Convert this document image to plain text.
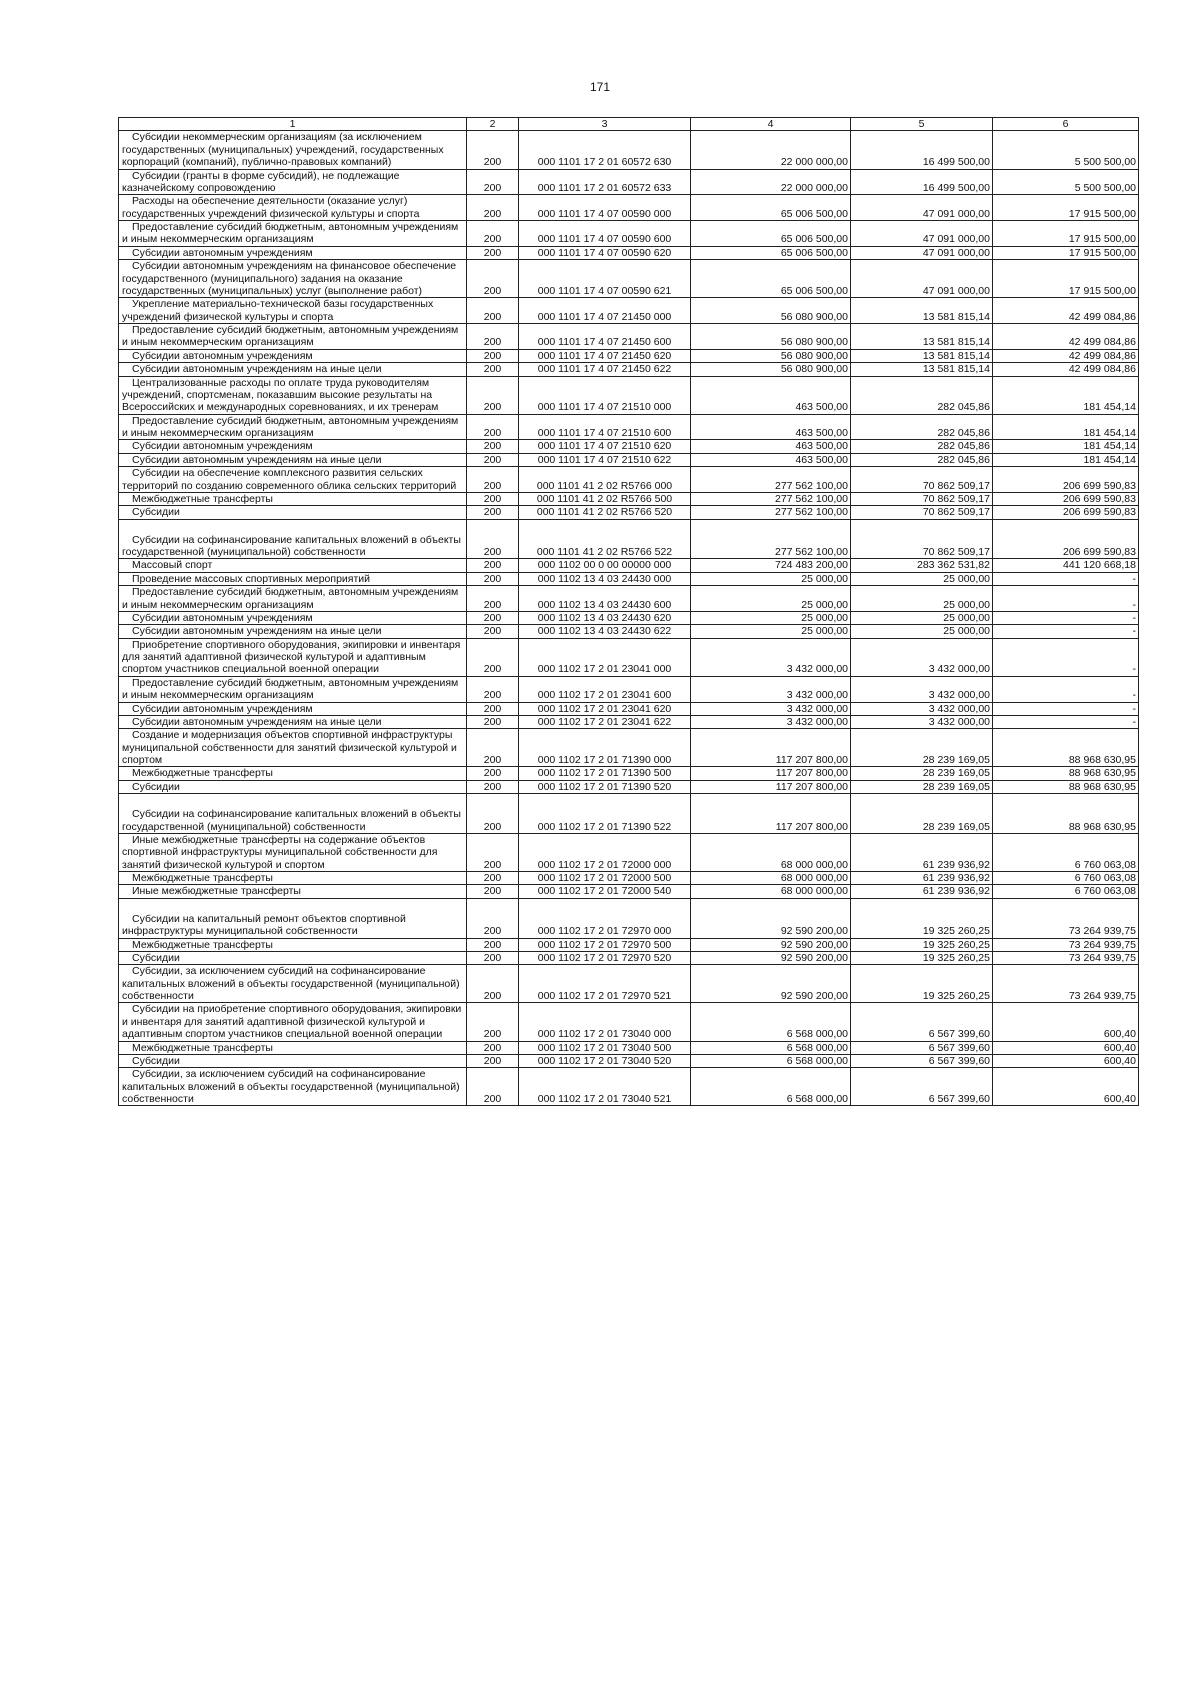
171
1	2	3	4	5	6
Субсидии некоммерческим организациям (за исключением государственных (муниципальных) учреждений, государственных корпораций (компаний), публично-правовых компаний)	200	000 1101 17 2 01 60572 630	22 000 000,00	16 499 500,00	5 500 500,00
Субсидии (гранты в форме субсидий), не подлежащие казначейскому сопровождению	200	000 1101 17 2 01 60572 633	22 000 000,00	16 499 500,00	5 500 500,00
Расходы на обеспечение деятельности (оказание услуг) государственных учреждений физической культуры и спорта	200	000 1101 17 4 07 00590 000	65 006 500,00	47 091 000,00	17 915 500,00
Предоставление субсидий бюджетным, автономным учреждениям и иным некоммерческим организациям	200	000 1101 17 4 07 00590 600	65 006 500,00	47 091 000,00	17 915 500,00
Субсидии автономным учреждениям	200	000 1101 17 4 07 00590 620	65 006 500,00	47 091 000,00	17 915 500,00
Субсидии автономным учреждениям на финансовое обеспечение государственного (муниципального) задания на оказание государственных (муниципальных) услуг (выполнение работ)	200	000 1101 17 4 07 00590 621	65 006 500,00	47 091 000,00	17 915 500,00
Укрепление материально-технической базы государственных учреждений физической культуры и спорта	200	000 1101 17 4 07 21450 000	56 080 900,00	13 581 815,14	42 499 084,86
Предоставление субсидий бюджетным, автономным учреждениям и иным некоммерческим организациям	200	000 1101 17 4 07 21450 600	56 080 900,00	13 581 815,14	42 499 084,86
Субсидии автономным учреждениям	200	000 1101 17 4 07 21450 620	56 080 900,00	13 581 815,14	42 499 084,86
Субсидии автономным учреждениям на иные цели	200	000 1101 17 4 07 21450 622	56 080 900,00	13 581 815,14	42 499 084,86
Централизованные расходы по оплате труда руководителям учреждений, спортсменам, показавшим высокие результаты на Всероссийских и международных соревнованиях, и их тренерам	200	000 1101 17 4 07 21510 000	463 500,00	282 045,86	181 454,14
Предоставление субсидий бюджетным, автономным учреждениям и иным некоммерческим организациям	200	000 1101 17 4 07 21510 600	463 500,00	282 045,86	181 454,14
Субсидии автономным учреждениям	200	000 1101 17 4 07 21510 620	463 500,00	282 045,86	181 454,14
Субсидии автономным учреждениям на иные цели	200	000 1101 17 4 07 21510 622	463 500,00	282 045,86	181 454,14
Субсидии на обеспечение комплексного развития сельских территорий по созданию современного облика сельских территорий	200	000 1101 41 2 02 R5766 000	277 562 100,00	70 862 509,17	206 699 590,83
Межбюджетные трансферты	200	000 1101 41 2 02 R5766 500	277 562 100,00	70 862 509,17	206 699 590,83
Субсидии	200	000 1101 41 2 02 R5766 520	277 562 100,00	70 862 509,17	206 699 590,83
Субсидии на софинансирование капитальных вложений в объекты государственной (муниципальной) собственности	200	000 1101 41 2 02 R5766 522	277 562 100,00	70 862 509,17	206 699 590,83
Массовый спорт	200	000 1102 00 0 00 00000 000	724 483 200,00	283 362 531,82	441 120 668,18
Проведение массовых спортивных мероприятий	200	000 1102 13 4 03 24430 000	25 000,00	25 000,00	-
Предоставление субсидий бюджетным, автономным учреждениям и иным некоммерческим организациям	200	000 1102 13 4 03 24430 600	25 000,00	25 000,00	-
Субсидии автономным учреждениям	200	000 1102 13 4 03 24430 620	25 000,00	25 000,00	-
Субсидии автономным учреждениям на иные цели	200	000 1102 13 4 03 24430 622	25 000,00	25 000,00	-
Приобретение спортивного оборудования, экипировки и инвентаря для занятий адаптивной физической культурой и адаптивным спортом участников специальной военной операции	200	000 1102 17 2 01 23041 000	3 432 000,00	3 432 000,00	-
Предоставление субсидий бюджетным, автономным учреждениям и иным некоммерческим организациям	200	000 1102 17 2 01 23041 600	3 432 000,00	3 432 000,00	-
Субсидии автономным учреждениям	200	000 1102 17 2 01 23041 620	3 432 000,00	3 432 000,00	-
Субсидии автономным учреждениям на иные цели	200	000 1102 17 2 01 23041 622	3 432 000,00	3 432 000,00	-
Создание и модернизация объектов спортивной инфраструктуры муниципальной собственности для занятий физической культурой и спортом	200	000 1102 17 2 01 71390 000	117 207 800,00	28 239 169,05	88 968 630,95
Межбюджетные трансферты	200	000 1102 17 2 01 71390 500	117 207 800,00	28 239 169,05	88 968 630,95
Субсидии	200	000 1102 17 2 01 71390 520	117 207 800,00	28 239 169,05	88 968 630,95
Субсидии на софинансирование капитальных вложений в объекты государственной (муниципальной) собственности	200	000 1102 17 2 01 71390 522	117 207 800,00	28 239 169,05	88 968 630,95
Иные межбюджетные трансферты на содержание объектов спортивной инфраструктуры муниципальной собственности для занятий физической культурой и спортом	200	000 1102 17 2 01 72000 000	68 000 000,00	61 239 936,92	6 760 063,08
Межбюджетные трансферты	200	000 1102 17 2 01 72000 500	68 000 000,00	61 239 936,92	6 760 063,08
Иные межбюджетные трансферты	200	000 1102 17 2 01 72000 540	68 000 000,00	61 239 936,92	6 760 063,08
Субсидии на капитальный ремонт объектов спортивной инфраструктуры муниципальной собственности	200	000 1102 17 2 01 72970 000	92 590 200,00	19 325 260,25	73 264 939,75
Межбюджетные трансферты	200	000 1102 17 2 01 72970 500	92 590 200,00	19 325 260,25	73 264 939,75
Субсидии	200	000 1102 17 2 01 72970 520	92 590 200,00	19 325 260,25	73 264 939,75
Субсидии, за исключением субсидий на софинансирование капитальных вложений в объекты государственной (муниципальной) собственности	200	000 1102 17 2 01 72970 521	92 590 200,00	19 325 260,25	73 264 939,75
Субсидии на приобретение спортивного оборудования, экипировки и инвентаря для занятий адаптивной физической культурой и адаптивным спортом участников специальной военной операции	200	000 1102 17 2 01 73040 000	6 568 000,00	6 567 399,60	600,40
Межбюджетные трансферты	200	000 1102 17 2 01 73040 500	6 568 000,00	6 567 399,60	600,40
Субсидии	200	000 1102 17 2 01 73040 520	6 568 000,00	6 567 399,60	600,40
Субсидии, за исключением субсидий на софинансирование капитальных вложений в объекты государственной (муниципальной) собственности	200	000 1102 17 2 01 73040 521	6 568 000,00	6 567 399,60	600,40
